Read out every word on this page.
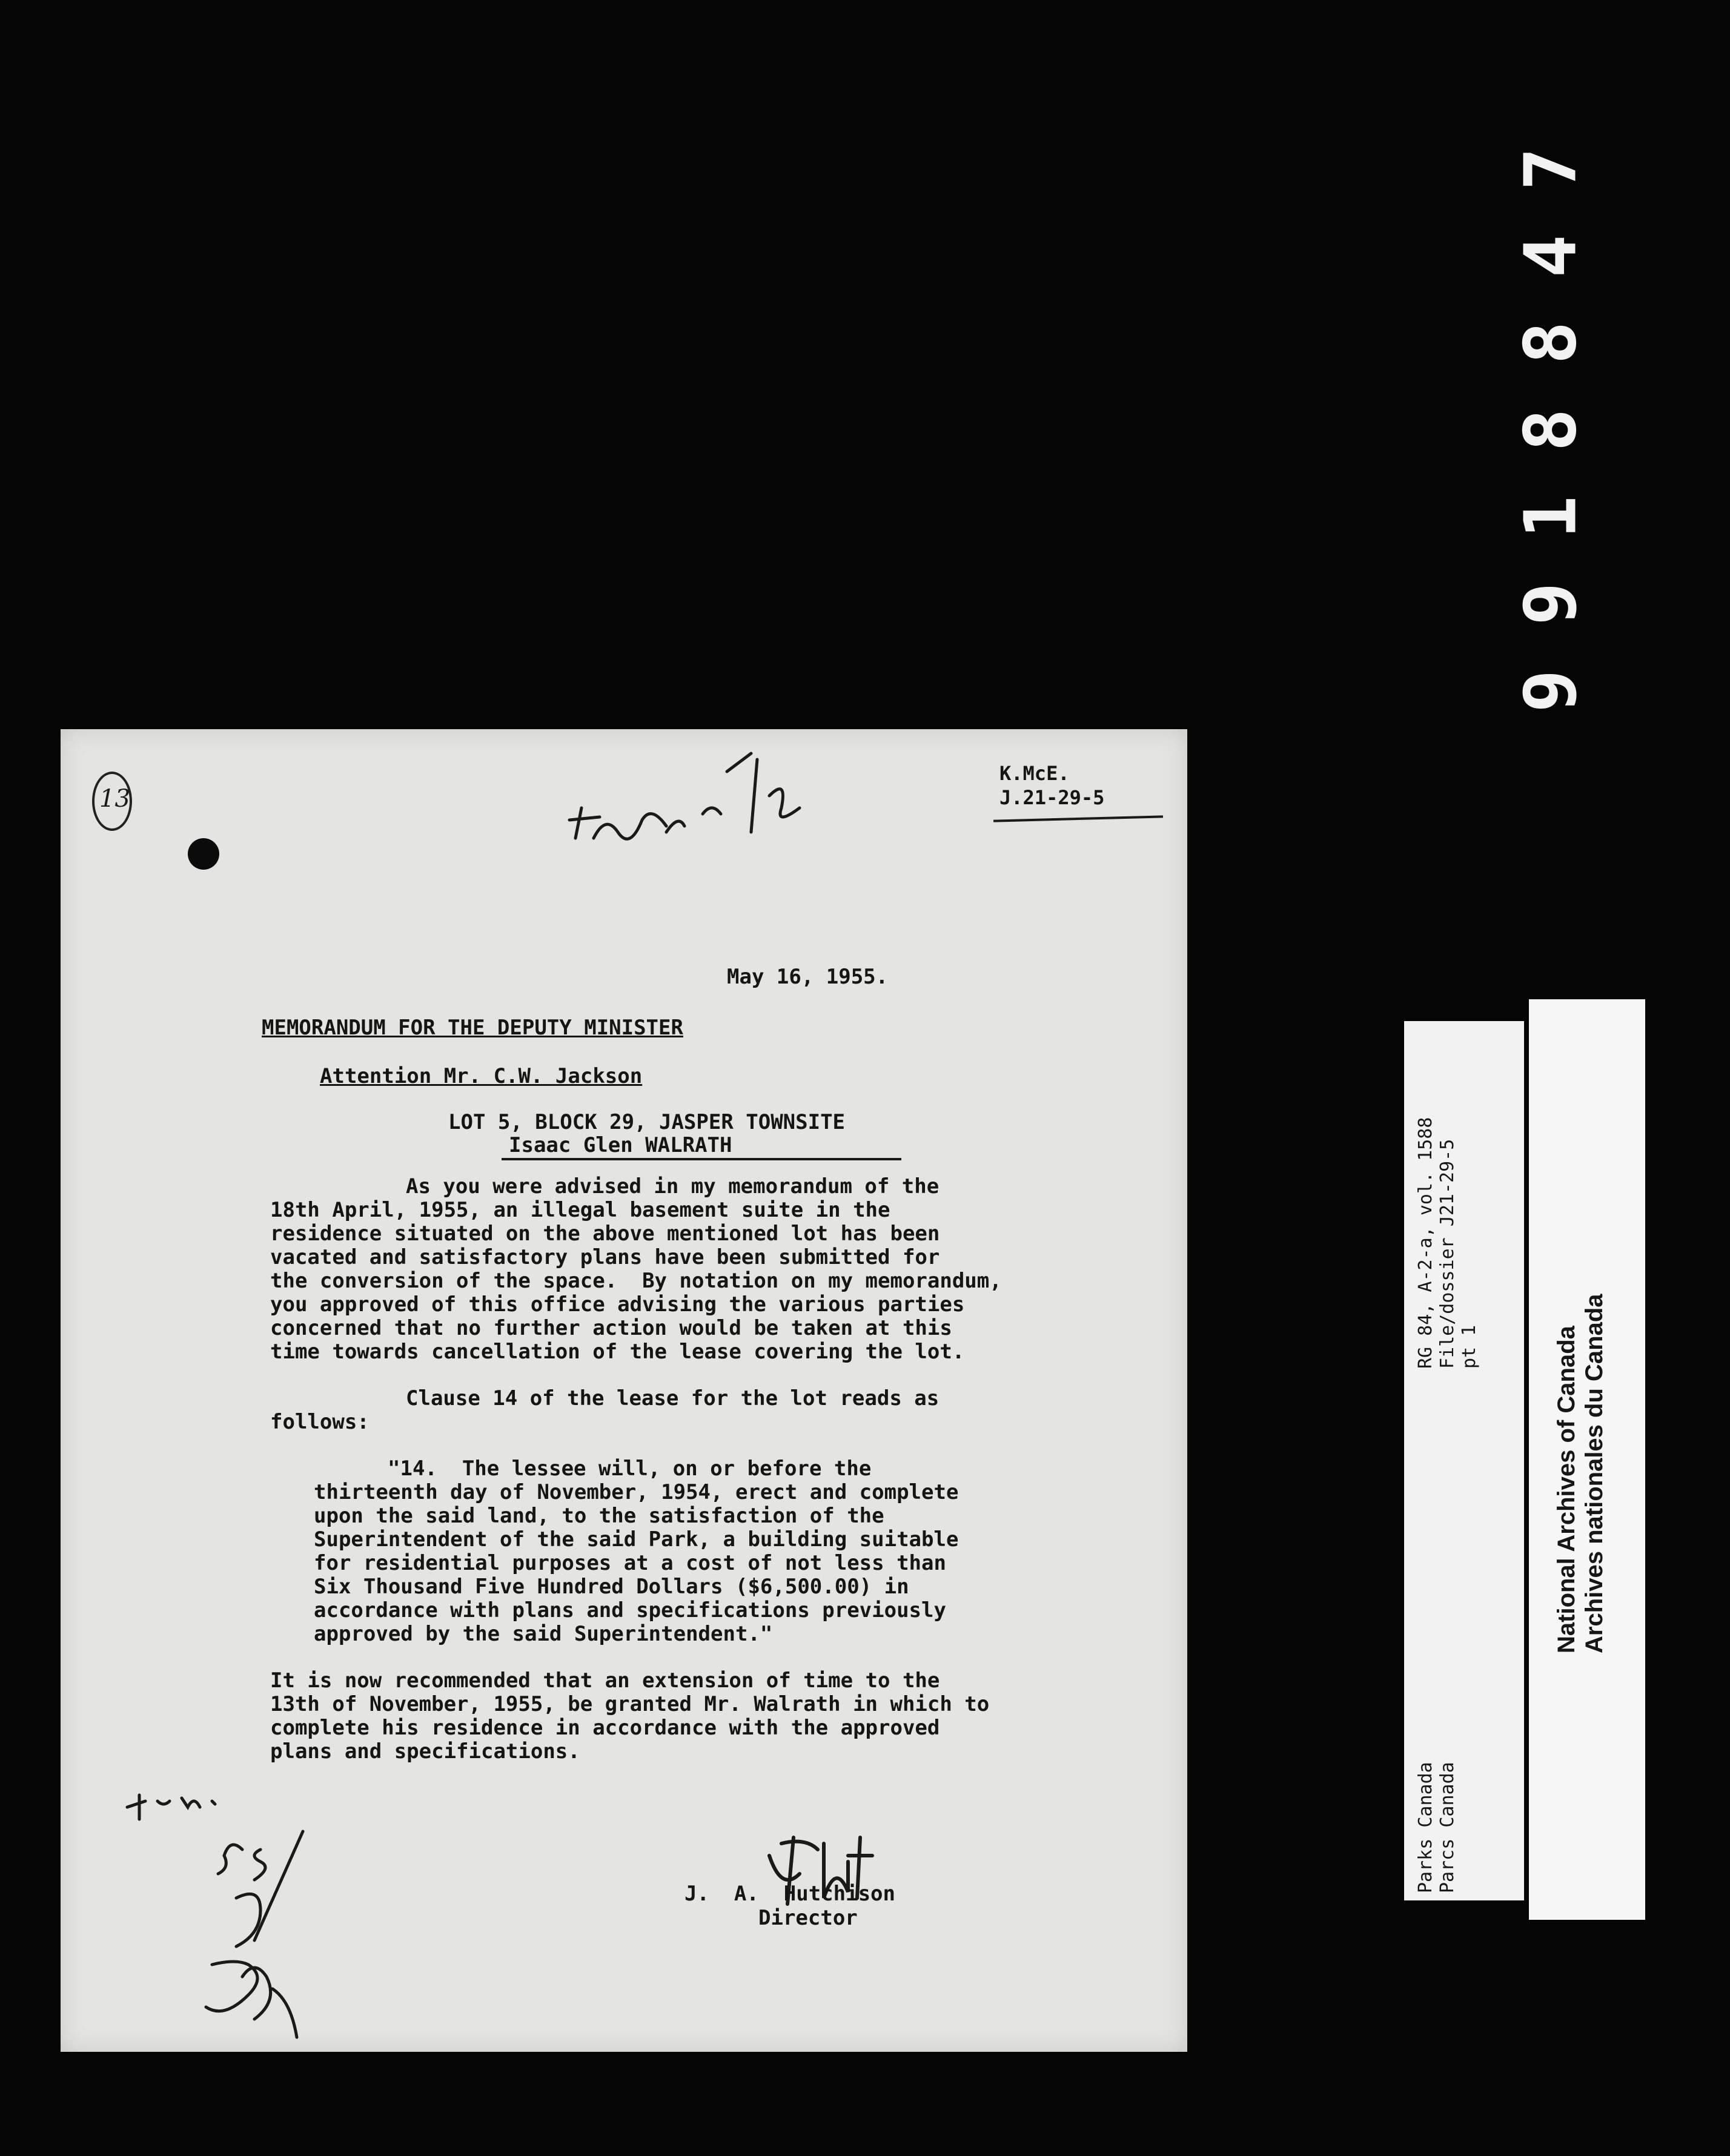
7
4
8
8
1
9
9
13
K.McE.
J.21-29-5
May 16, 1955.
MEMORANDUM FOR THE DEPUTY MINISTER
Attention Mr. C.W. Jackson
LOT 5, BLOCK 29, JASPER TOWNSITE
Isaac Glen WALRATH
As you were advised in my memorandum of the
18th April, 1955, an illegal basement suite in the
residence situated on the above mentioned lot has been
vacated and satisfactory plans have been submitted for
the conversion of the space.  By notation on my memorandum,
you approved of this office advising the various parties
concerned that no further action would be taken at this
time towards cancellation of the lease covering the lot.
Clause 14 of the lease for the lot reads as
follows:
"14.  The lessee will, on or before the
thirteenth day of November, 1954, erect and complete
upon the said land, to the satisfaction of the
Superintendent of the said Park, a building suitable
for residential purposes at a cost of not less than
Six Thousand Five Hundred Dollars ($6,500.00) in
accordance with plans and specifications previously
approved by the said Superintendent."
It is now recommended that an extension of time to the
13th of November, 1955, be granted Mr. Walrath in which to
complete his residence in accordance with the approved
plans and specifications.
J.  A.  Hutchison
Director
RG 84, A-2-a, vol. 1588 File/dossier J21-29-5 pt 1
Parks Canada Parcs Canada
National Archives of Canada Archives nationales du Canada
